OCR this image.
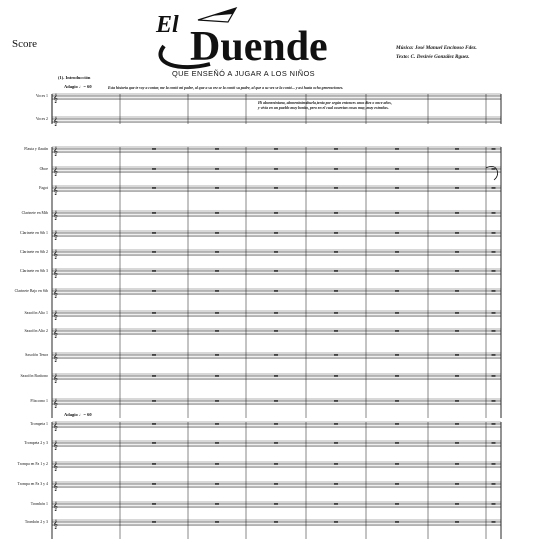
Score
El Duende
QUE ENSEÑÓ A JUGAR A LOS NIÑOS
Música: José Manuel Encinoso Fdez.
Texto: C. Desirée González Rguez.
(1). Introducción
Adagio ♩= 60
Adagio ♩= 60
Esta historia que te voy a contar, me la contó mi padre, al que a su vez se la contó su padre, al que a su vez se la contó... y así hasta ocho generaciones.
Hi aboneniniana, aboneninimabuela,tenía por según entonces unos diez o once años,
y vivía en un pueblo muy bonito, pero en el cual ocurrían cosas muy, muy extrañas.
Voces 1
Voces 2
Flauta y flautín
Oboe
Fagot
Clarinete en Mib
Clarinete en Sib 1
Clarinete en Sib 2
Clarinete en Sib 3
Clarinete Bajo en Sib
Saxofón Alto 1
Saxofón Alto 2
Saxofón Tenor
Saxofón Barítono
Fliscorno 1
Trompeta 1
Trompeta 2 y 3
Trompa en Fa 1 y 2
Trompa en Fa 3 y 4
Trombón 1
Trombón 2 y 3
𝄞
𝄞
𝄞
𝄞
𝄞
𝄞
𝄞
𝄞
𝄞
𝄞
𝄞
𝄞
𝄞
𝄞
𝄞
𝄞
𝄞
𝄞
𝄞
𝄞
𝄞
